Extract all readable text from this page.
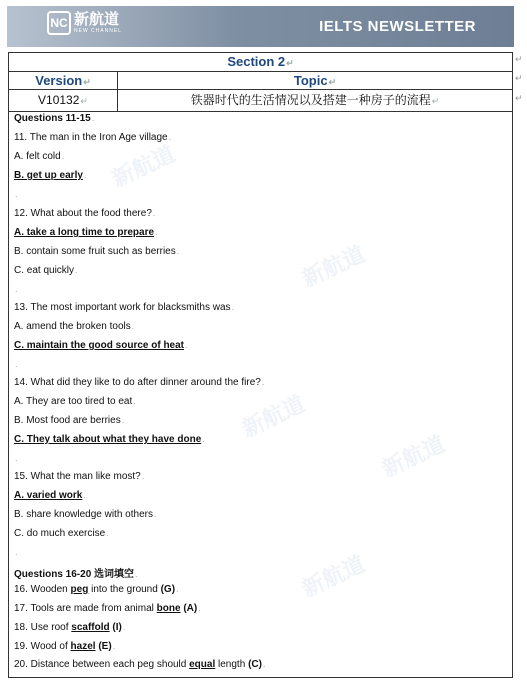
NC 新航道
NEW CHANNEL	IELTS NEWSLETTER
Section 2↵
Version↵	Topic↵
V10132↵	铁器时代的生活情况以及搭建一种房子的流程↵
Questions 11-15.
11. The man in the Iron Age village.
A. felt cold.
B. get up early.
.
12. What about the food there?.
A. take a long time to prepare.
B. contain some fruit such as berries.
C. eat quickly.
.
13. The most important work for blacksmiths was.
A. amend the broken tools.
C. maintain the good source of heat.
.
14. What did they like to do after dinner around the fire?.
A. They are too tired to eat.
B. Most food are berries.
C. They talk about what they have done.
.
15. What the man like most?.
A. varied work.
B. share knowledge with others.
C. do much exercise.
.
Questions 16-20 选词填空.
16. Wooden peg into the ground (G).
17. Tools are made from animal bone (A).
18. Use roof scaffold (I).
19. Wood of hazel (E).
20. Distance between each peg should equal length (C).
↵
↵
↵
新航道
新航道
新航道
新航道
新航道
